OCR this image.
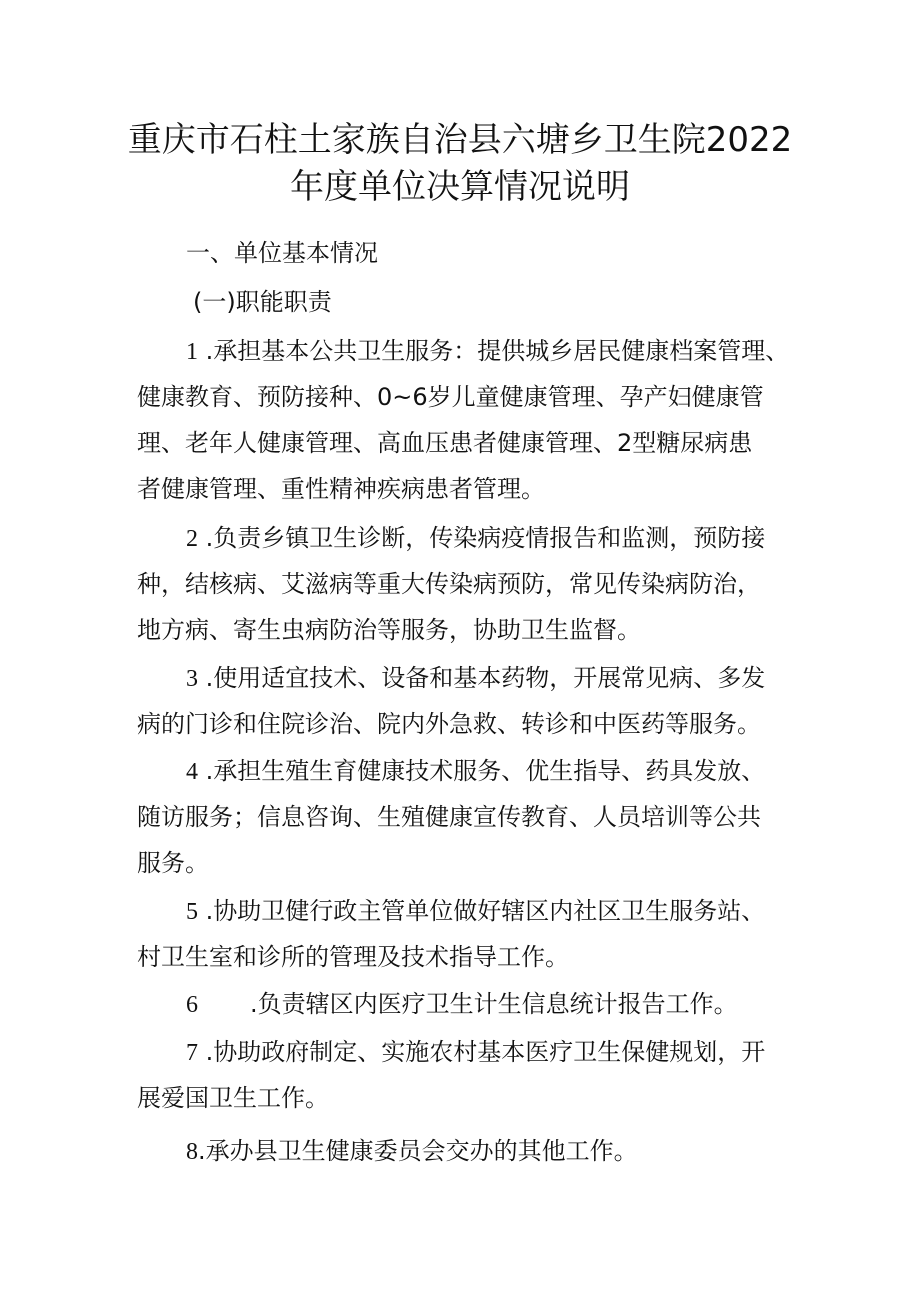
重庆市石柱土家族自治县六塘乡卫生院2022
年度单位决算情况说明

一、单位基本情况

(一)职能职责

1 .承担基本公共卫生服务：提供城乡居民健康档案管理、

健康教育、预防接种、0~6岁儿童健康管理、孕产妇健康管

理、老年人健康管理、高血压患者健康管理、2型糖尿病患

者健康管理、重性精神疾病患者管理。

2 .负责乡镇卫生诊断，传染病疫情报告和监测，预防接

种，结核病、艾滋病等重大传染病预防，常见传染病防治，

地方病、寄生虫病防治等服务，协助卫生监督。

3 .使用适宜技术、设备和基本药物，开展常见病、多发

病的门诊和住院诊治、院内外急救、转诊和中医药等服务。

4 .承担生殖生育健康技术服务、优生指导、药具发放、

随访服务；信息咨询、生殖健康宣传教育、人员培训等公共

服务。

5 .协助卫健行政主管单位做好辖区内社区卫生服务站、

村卫生室和诊所的管理及技术指导工作。

6 .负责辖区内医疗卫生计生信息统计报告工作。

7 .协助政府制定、实施农村基本医疗卫生保健规划，开

展爱国卫生工作。

8.承办县卫生健康委员会交办的其他工作。
